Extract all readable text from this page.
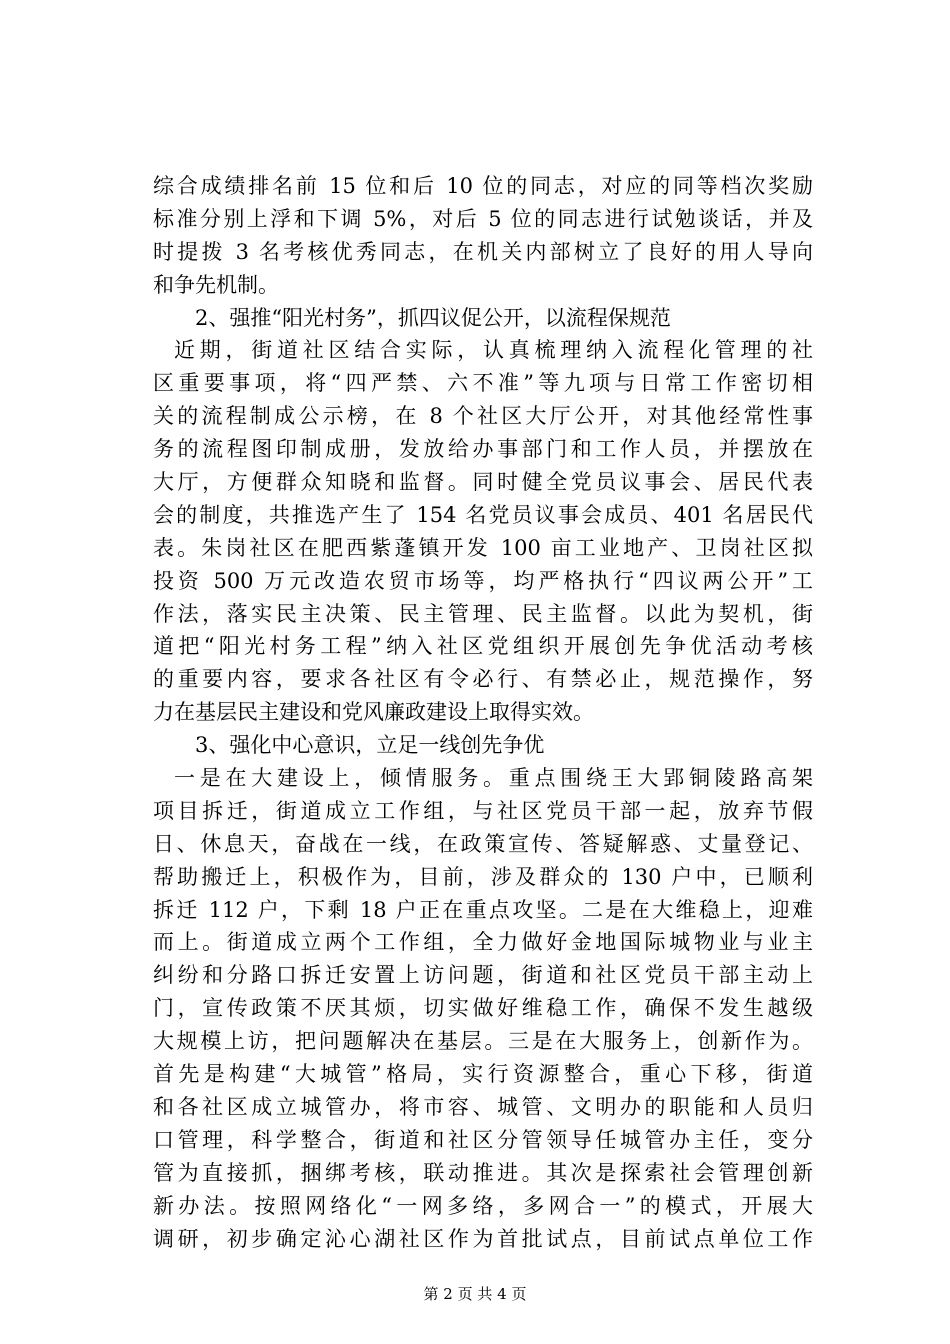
综合成绩排名前 15 位和后 10 位的同志，对应的同等档次奖励
标准分别上浮和下调 5%，对后 5 位的同志进行试勉谈话，并及
时提拨 3 名考核优秀同志，在机关内部树立了良好的用人导向
和争先机制。
2、强推“阳光村务”，抓四议促公开，以流程保规范
近期，街道社区结合实际，认真梳理纳入流程化管理的社
区重要事项，将“四严禁、六不准”等九项与日常工作密切相
关的流程制成公示榜，在 8 个社区大厅公开，对其他经常性事
务的流程图印制成册，发放给办事部门和工作人员，并摆放在
大厅，方便群众知晓和监督。同时健全党员议事会、居民代表
会的制度，共推选产生了 154 名党员议事会成员、401 名居民代
表。朱岗社区在肥西紫蓬镇开发 100 亩工业地产、卫岗社区拟
投资 500 万元改造农贸市场等，均严格执行“四议两公开”工
作法，落实民主决策、民主管理、民主监督。以此为契机，街
道把“阳光村务工程”纳入社区党组织开展创先争优活动考核
的重要内容，要求各社区有令必行、有禁必止，规范操作，努
力在基层民主建设和党风廉政建设上取得实效。
3、强化中心意识，立足一线创先争优
一是在大建设上，倾情服务。重点围绕王大郢铜陵路高架
项目拆迁，街道成立工作组，与社区党员干部一起，放弃节假
日、休息天，奋战在一线，在政策宣传、答疑解惑、丈量登记、
帮助搬迁上，积极作为，目前，涉及群众的 130 户中，已顺利
拆迁 112 户，下剩 18 户正在重点攻坚。二是在大维稳上，迎难
而上。街道成立两个工作组，全力做好金地国际城物业与业主
纠纷和分路口拆迁安置上访问题，街道和社区党员干部主动上
门，宣传政策不厌其烦，切实做好维稳工作，确保不发生越级
大规模上访，把问题解决在基层。三是在大服务上，创新作为。
首先是构建“大城管”格局，实行资源整合，重心下移，街道
和各社区成立城管办，将市容、城管、文明办的职能和人员归
口管理，科学整合，街道和社区分管领导任城管办主任，变分
管为直接抓，捆绑考核，联动推进。其次是探索社会管理创新
新办法。按照网络化“一网多络，多网合一”的模式，开展大
调研，初步确定沁心湖社区作为首批试点，目前试点单位工作
第 2 页 共 4 页
